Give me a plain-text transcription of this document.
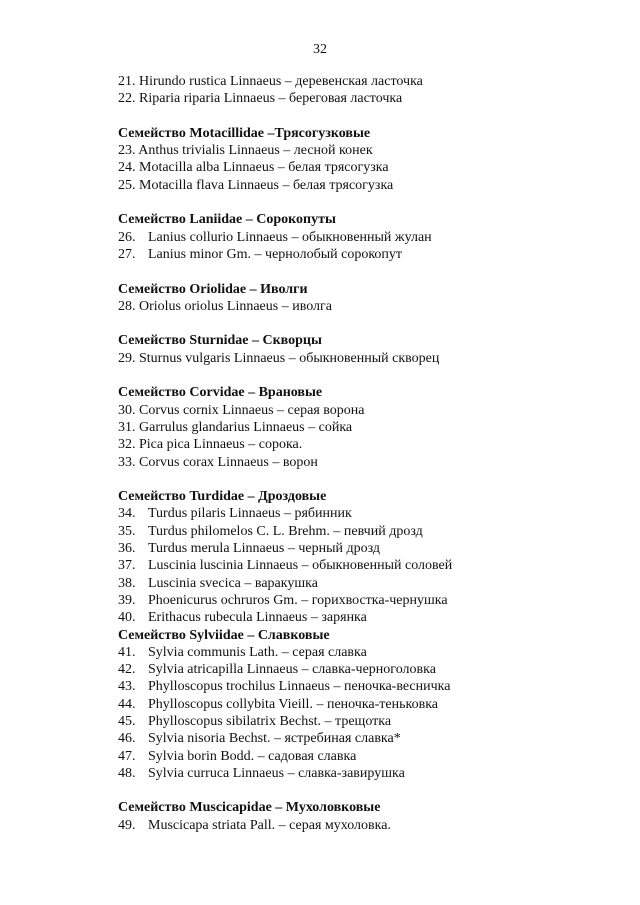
32
21. Hirundo rustica Linnaeus – деревенская ласточка
22. Riparia riparia Linnaeus – береговая ласточка
Семейство Motacillidae –Трясогузковые
23. Anthus trivialis Linnaeus – лесной конек
24. Motacilla alba Linnaeus – белая трясогузка
25. Motacilla flava Linnaeus – белая трясогузка
Семейство Laniidae – Сорокопуты
26. Lanius collurio Linnaeus – обыкновенный жулан
27. Lanius minor Gm. – чернолобый сорокопут
Семейство Oriolidae – Иволги
28. Oriolus oriolus Linnaeus – иволга
Семейство Sturnidae – Скворцы
29. Sturnus vulgaris Linnaeus – обыкновенный скворец
Семейство Corvidae – Врановые
30. Corvus cornix Linnaeus – серая ворона
31. Garrulus glandarius Linnaeus – сойка
32. Pica pica Linnaeus – сорока.
33. Corvus corax Linnaeus – ворон
Семейство Turdidae – Дроздовые
34. Turdus pilaris Linnaeus – рябинник
35. Turdus philomelos C. L. Brehm. – певчий дрозд
36. Turdus merula Linnaeus – черный дрозд
37. Luscinia luscinia Linnaeus – обыкновенный соловей
38. Luscinia svecica – варакушка
39. Phoenicurus ochruros Gm. – горихвостка-чернушка
40. Erithacus rubecula Linnaeus – зарянка
Семейство Sylviidae – Славковые
41. Sylvia communis Lath. – серая славка
42. Sylvia atricapilla Linnaeus – славка-черноголовка
43. Phylloscopus trochilus Linnaeus – пеночка-весничка
44. Phylloscopus collybita Vieill. – пеночка-теньковка
45. Phylloscopus sibilatrix Bechst. – трещотка
46. Sylvia nisoria Bechst. – ястребиная славка*
47. Sylvia borin Bodd. – садовая славка
48. Sylvia curruca Linnaeus – славка-завирушка
Семейство Muscicapidae – Мухоловковые
49. Muscicapa striata Pall. – серая мухоловка.
